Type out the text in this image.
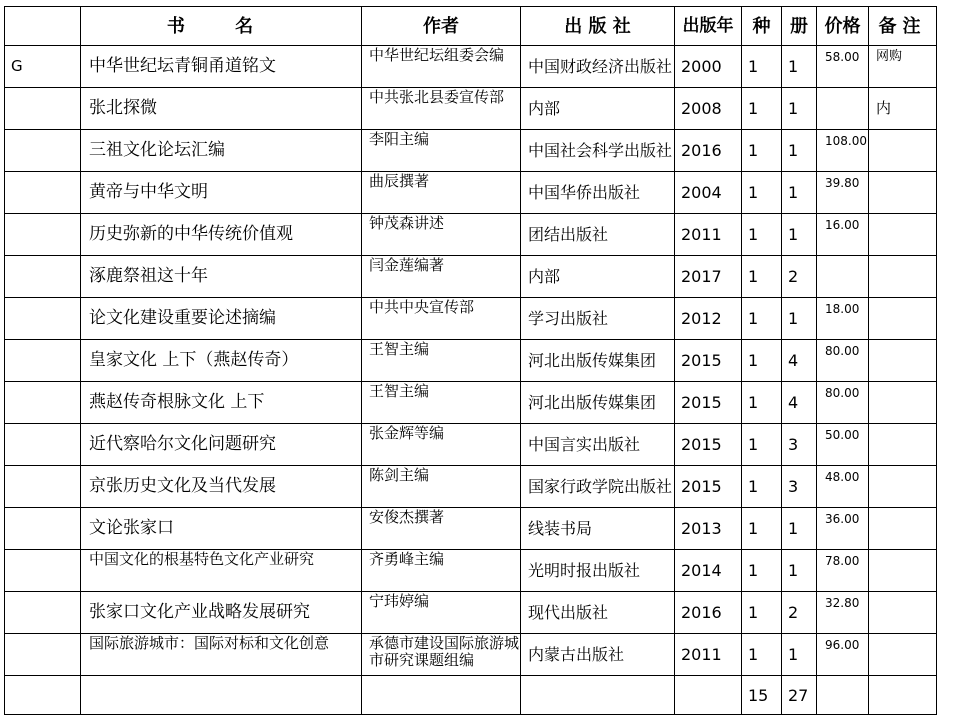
	书 名	作者	出 版 社	出版年	种	册	价格	备注
G	中华世纪坛青铜甬道铭文	中华世纪坛组委会编	中国财政经济出版社	2000	1	1	58.00	网购
	张北探微	中共张北县委宣传部	内部	2008	1	1		内
	三祖文化论坛汇编	李阳主编	中国社会科学出版社	2016	1	1	108.00	
	黄帝与中华文明	曲辰撰著	中国华侨出版社	2004	1	1	39.80	
	历史弥新的中华传统价值观	钟茂森讲述	团结出版社	2011	1	1	16.00	
	涿鹿祭祖这十年	闫金莲编著	内部	2017	1	2		
	论文化建设重要论述摘编	中共中央宣传部	学习出版社	2012	1	1	18.00	
	皇家文化 上下（燕赵传奇）	王智主编	河北出版传媒集团	2015	1	4	80.00	
	燕赵传奇根脉文化 上下	王智主编	河北出版传媒集团	2015	1	4	80.00	
	近代察哈尔文化问题研究	张金辉等编	中国言实出版社	2015	1	3	50.00	
	京张历史文化及当代发展	陈剑主编	国家行政学院出版社	2015	1	3	48.00	
	文论张家口	安俊杰撰著	线装书局	2013	1	1	36.00	
	中国文化的根基特色文化产业研究	齐勇峰主编	光明时报出版社	2014	1	1	78.00	
	张家口文化产业战略发展研究	宁玮婷编	现代出版社	2016	1	2	32.80	
	国际旅游城市：国际对标和文化创意	承德市建设国际旅游城市研究课题组编	内蒙古出版社	2011	1	1	96.00	
					15	27		
